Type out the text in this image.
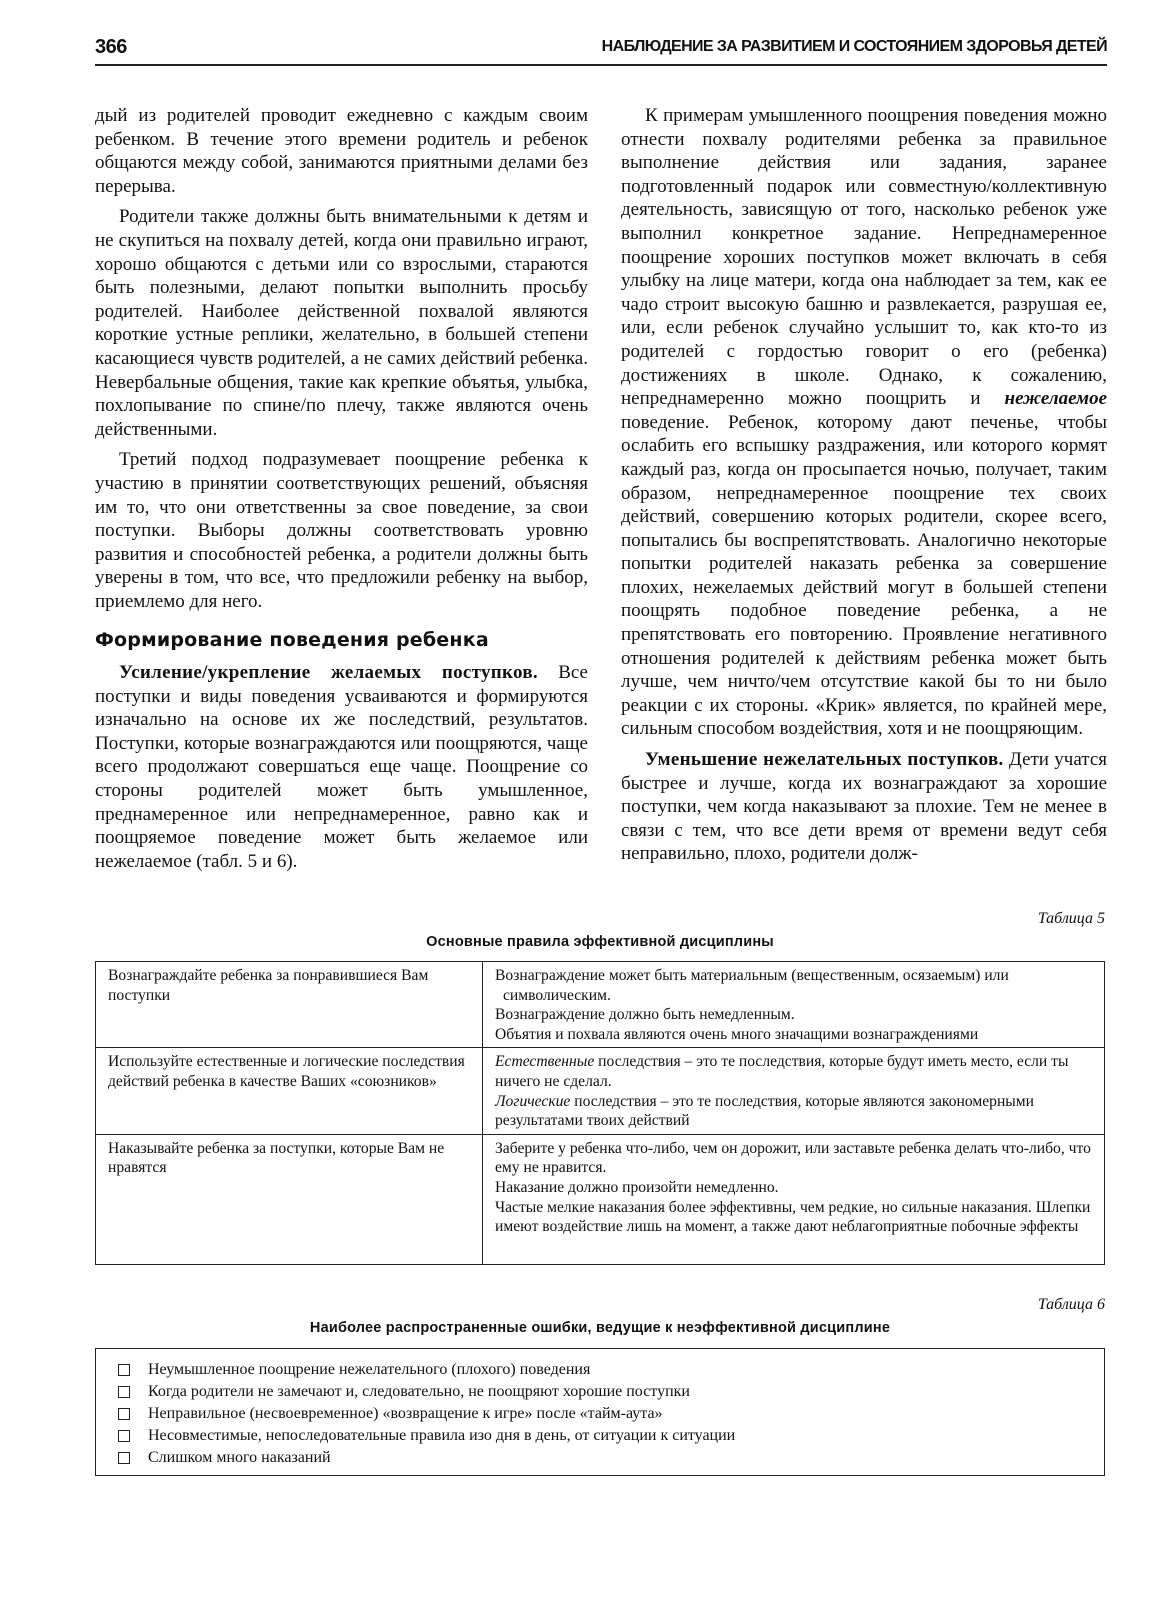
366	НАБЛЮДЕНИЕ ЗА РАЗВИТИЕМ И СОСТОЯНИЕМ ЗДОРОВЬЯ ДЕТЕЙ

дый из родителей проводит ежедневно с каждым своим ребенком. В течение этого времени родитель и ребенок общаются между собой, занимаются приятными делами без перерыва.

Родители также должны быть внимательными к детям и не скупиться на похвалу детей, когда они правильно играют, хорошо общаются с детьми или со взрослыми, стараются быть полезными, делают попытки выполнить просьбу родителей. Наиболее действенной похвалой являются короткие устные реплики, желательно, в большей степени касающиеся чувств родителей, а не самих действий ребенка. Невербальные общения, такие как крепкие объятья, улыбка, похлопывание по спине/по плечу, также являются очень действенными.

Третий подход подразумевает поощрение ребенка к участию в принятии соответствующих решений, объясняя им то, что они ответственны за свое поведение, за свои поступки. Выборы должны соответствовать уровню развития и способностей ребенка, а родители должны быть уверены в том, что все, что предложили ребенку на выбор, приемлемо для него.

Формирование поведения ребенка

Усиление/укрепление желаемых поступков. Все поступки и виды поведения усваиваются и формируются изначально на основе их же последствий, результатов. Поступки, которые вознаграждаются или поощряются, чаще всего продолжают совершаться еще чаще. Поощрение со стороны родителей может быть умышленное, преднамеренное или непреднамеренное, равно как и поощряемое поведение может быть желаемое или нежелаемое (табл. 5 и 6).

К примерам умышленного поощрения поведения можно отнести похвалу родителями ребенка за правильное выполнение действия или задания, заранее подготовленный подарок или совместную/коллективную деятельность, зависящую от того, насколько ребенок уже выполнил конкретное задание. Непреднамеренное поощрение хороших поступков может включать в себя улыбку на лице матери, когда она наблюдает за тем, как ее чадо строит высокую башню и развлекается, разрушая ее, или, если ребенок случайно услышит то, как кто-то из родителей с гордостью говорит о его (ребенка) достижениях в школе. Однако, к сожалению, непреднамеренно можно поощрить и нежелаемое поведение. Ребенок, которому дают печенье, чтобы ослабить его вспышку раздражения, или которого кормят каждый раз, когда он просыпается ночью, получает, таким образом, непреднамеренное поощрение тех своих действий, совершению которых родители, скорее всего, попытались бы воспрепятствовать. Аналогично некоторые попытки родителей наказать ребенка за совершение плохих, нежелаемых действий могут в большей степени поощрять подобное поведение ребенка, а не препятствовать его повторению. Проявление негативного отношения родителей к действиям ребенка может быть лучше, чем ничто/чем отсутствие какой бы то ни было реакции с их стороны. «Крик» является, по крайней мере, сильным способом воздействия, хотя и не поощряющим.

Уменьшение нежелательных поступков. Дети учатся быстрее и лучше, когда их вознаграждают за хорошие поступки, чем когда наказывают за плохие. Тем не менее в связи с тем, что все дети время от времени ведут себя неправильно, плохо, родители долж-

Таблица 5
Основные правила эффективной дисциплины
Вознаграждайте ребенка за понравившиеся Вам поступки	Вознаграждение может быть материальным (вещественным, осязаемым) или символическим.
Вознаграждение должно быть немедленным.
Объятия и похвала являются очень много значащими вознаграждениями

Используйте естественные и логические последствия действий ребенка в качестве Ваших «союзников»	Естественные последствия – это те последствия, которые будут иметь место, если ты ничего не сделал.
Логические последствия – это те последствия, которые являются закономерными результатами твоих действий

Наказывайте ребенка за поступки, которые Вам не нравятся	Заберите у ребенка что-либо, чем он дорожит, или заставьте ребенка делать что-либо, что ему не нравится.
Наказание должно произойти немедленно.
Частые мелкие наказания более эффективны, чем редкие, но сильные наказания. Шлепки имеют воздействие лишь на момент, а также дают неблагоприятные побочные эффекты
Таблица 6
Наиболее распространенные ошибки, ведущие к неэффективной дисциплине
Неумышленное поощрение нежелательного (плохого) поведения
Когда родители не замечают и, следовательно, не поощряют хорошие поступки
Неправильное (несвоевременное) «возвращение к игре» после «тайм-аута»
Несовместимые, непоследовательные правила изо дня в день, от ситуации к ситуации
Слишком много наказаний
